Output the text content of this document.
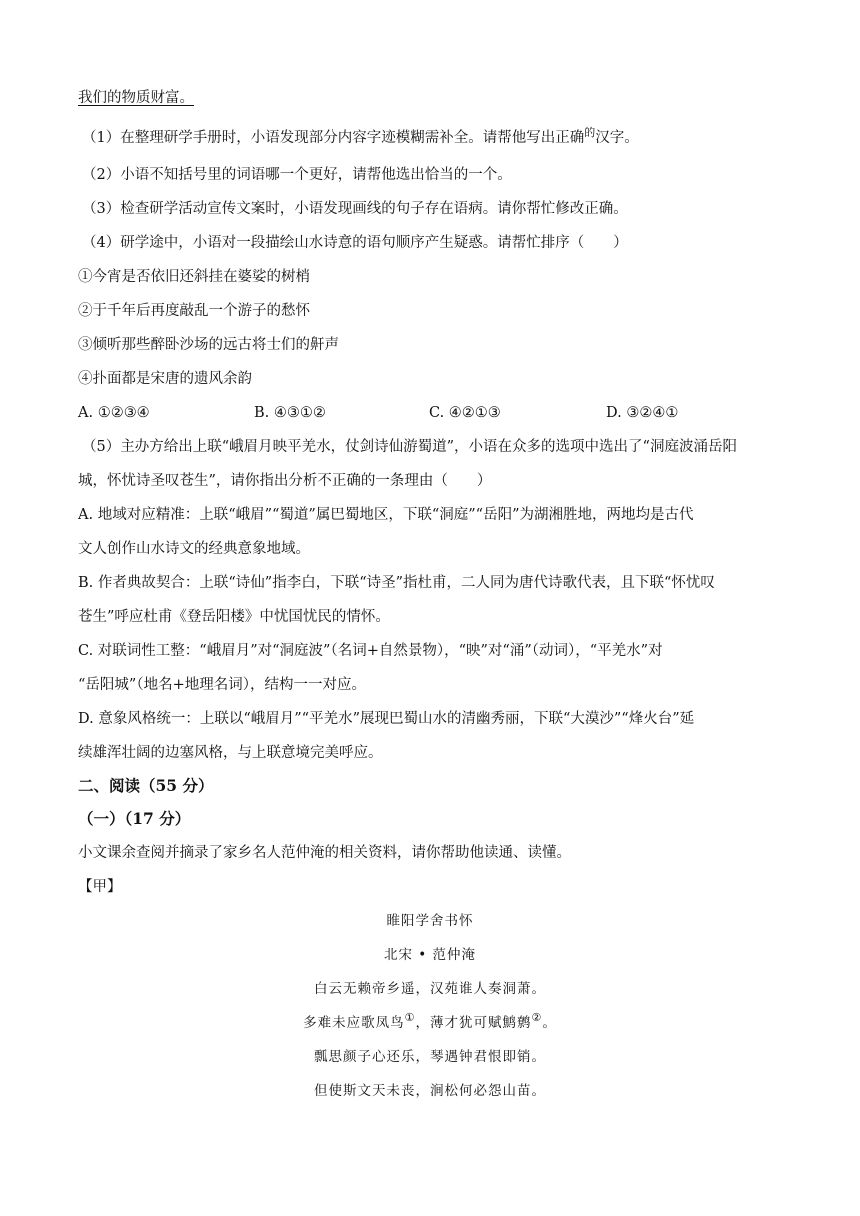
我们的物质财富。
（1）在整理研学手册时，小语发现部分内容字迹模糊需补全。请帮他写出正确$^的$汉字。
（2）小语不知括号里的词语哪一个更好，请帮他选出恰当的一个。
（3）检查研学活动宣传文案时，小语发现画线的句子存在语病。请你帮忙修改正确。
（4）研学途中，小语对一段描绘山水诗意的语句顺序产生疑惑。请帮忙排序（　　）
①今宵是否依旧还斜挂在婆娑的树梢
②于千年后再度敲乱一个游子的愁怀
③倾听那些醉卧沙场的远古将士们的鼾声
④扑面都是宋唐的遗风余韵
A. ①②③④	B. ④③①②	C. ④②①③	D. ③②④①
（5）主办方给出上联“峨眉月映平羌水，仗剑诗仙游蜀道”，小语在众多的选项中选出了“洞庭波涌岳阳
城，怀忧诗圣叹苍生”，请你指出分析不正确的一条理由（　　）
A. 地域对应精准：上联“峨眉”“蜀道”属巴蜀地区，下联“洞庭”“岳阳”为湖湘胜地，两地均是古代
文人创作山水诗文的经典意象地域。
B. 作者典故契合：上联“诗仙”指李白，下联“诗圣”指杜甫，二人同为唐代诗歌代表，且下联“怀忧叹
苍生”呼应杜甫《登岳阳楼》中忧国忧民的情怀。
C. 对联词性工整：“峨眉月”对“洞庭波”（名词+自然景物），“映”对“涌”（动词），“平羌水”对
“岳阳城”（地名+地理名词），结构一一对应。
D. 意象风格统一：上联以“峨眉月”“平羌水”展现巴蜀山水的清幽秀丽，下联“大漠沙”“烽火台”延
续雄浑壮阔的边塞风格，与上联意境完美呼应。
二、阅读（55 分）
（一）（17 分）
小文课余查阅并摘录了家乡名人范仲淹的相关资料，请你帮助他读通、读懂。
【甲】
睢阳学舍书怀
北宋 • 范仲淹
白云无赖帝乡遥，汉苑谁人奏洞萧。
多难未应歌凤鸟①，薄才犹可赋鹪鹩②。
瓢思颜子心还乐，琴遇钟君恨即销。
但使斯文天未丧，涧松何必怨山苗。
